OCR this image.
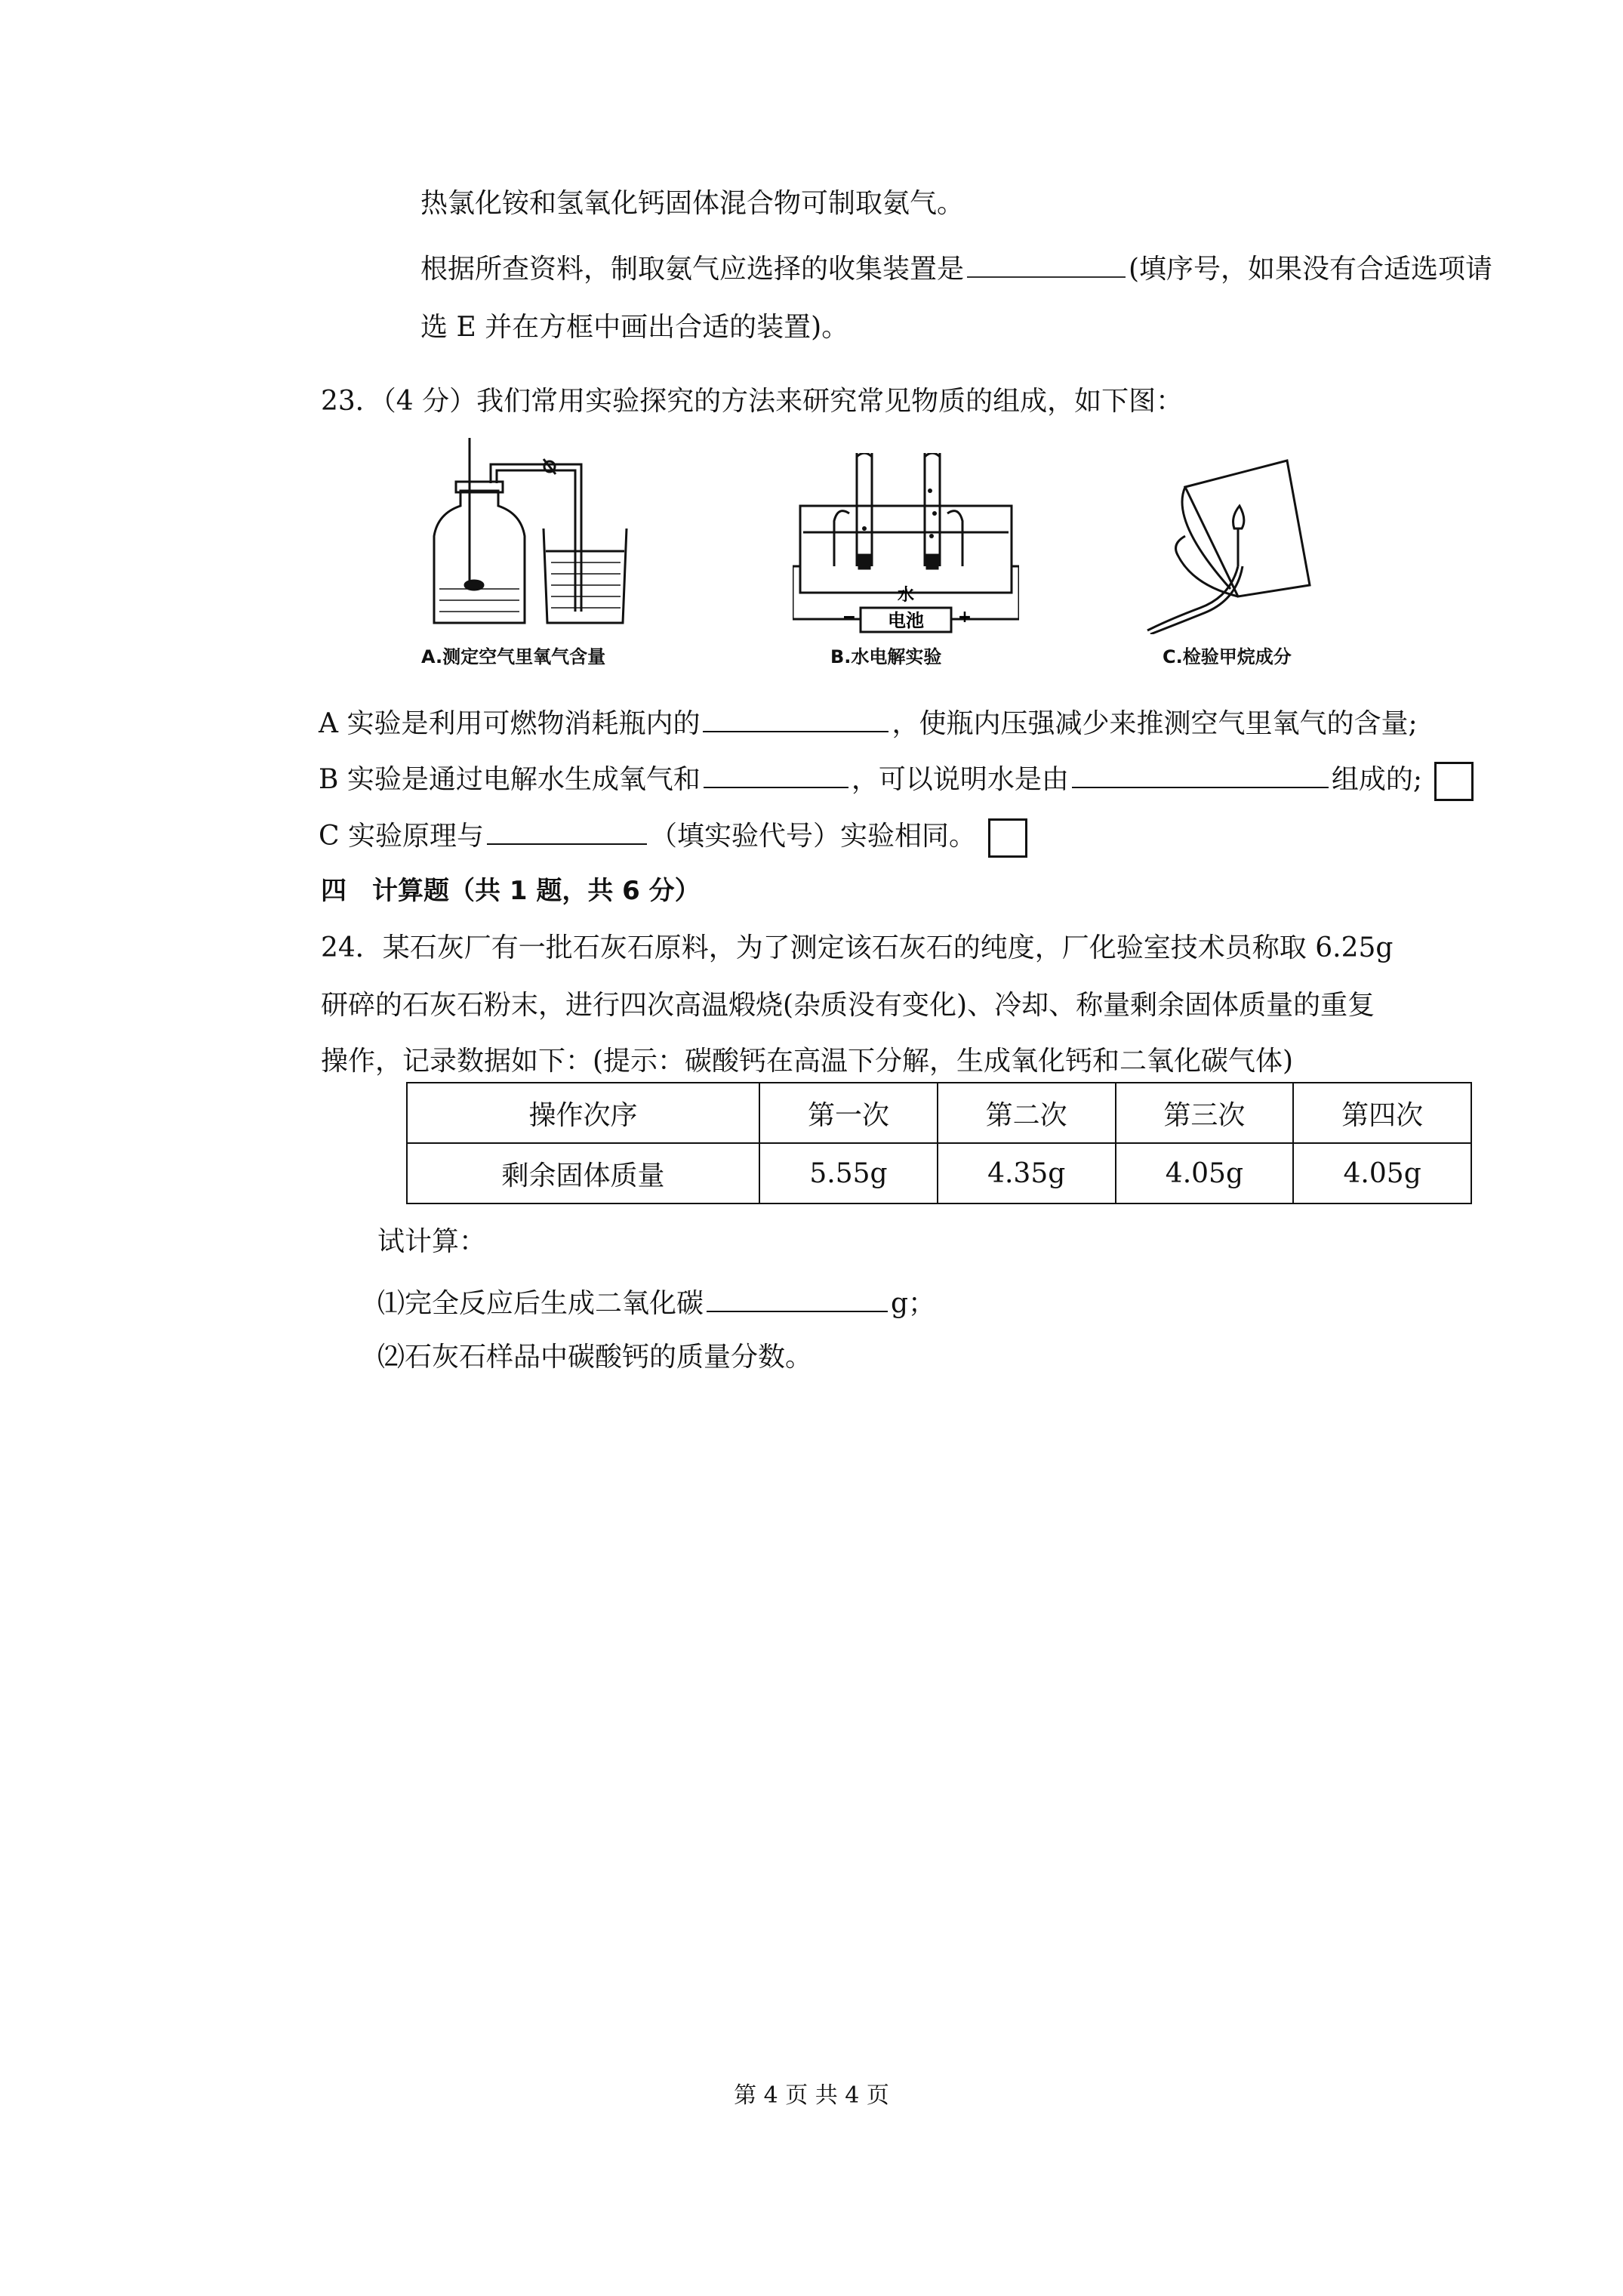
热氯化铵和氢氧化钙固体混合物可制取氨气。
根据所查资料，制取氨气应选择的收集装置是	(填序号，如果没有合适选项请
选 E 并在方框中画出合适的装置)。
23．（4 分）我们常用实验探究的方法来研究常见物质的组成，如下图：
A.测定空气里氧气含量
水
电池
−	+
B.水电解实验	C.检验甲烷成分
A 实验是利用可燃物消耗瓶内的	，使瓶内压强减少来推测空气里氧气的含量;
B 实验是通过电解水生成氧气和	，可以说明水是由	组成的;
C 实验原理与	（填实验代号）实验相同。
四　计算题（共 1 题，共 6 分）
24．某石灰厂有一批石灰石原料，为了测定该石灰石的纯度，厂化验室技术员称取 6.25g
研碎的石灰石粉末，进行四次高温煅烧(杂质没有变化)、冷却、称量剩余固体质量的重复
操作，记录数据如下：(提示：碳酸钙在高温下分解，生成氧化钙和二氧化碳气体)
操作次序	第一次	第二次	第三次	第四次
剩余固体质量	5.55g	4.35g	4.05g	4.05g
试计算：
⑴完全反应后生成二氧化碳	g；
⑵石灰石样品中碳酸钙的质量分数。
第 4 页 共 4 页
